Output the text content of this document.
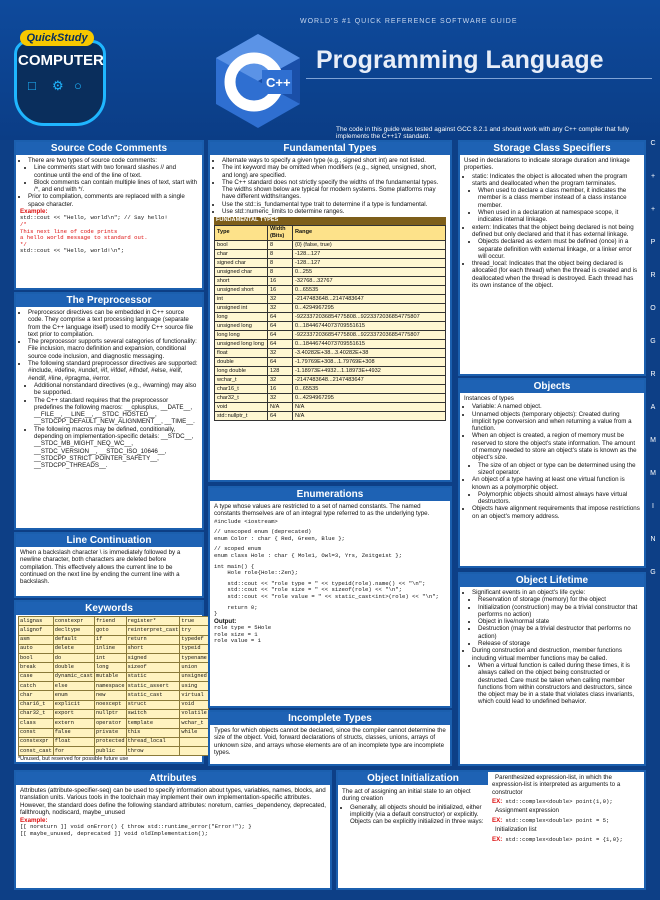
QuickStudy
COMPUTER
□ ⚙ ○
WORLD'S #1 QUICK REFERENCE SOFTWARE GUIDE
C++
Programming Language
The code in this guide was tested against GCC 8.2.1 and should work with any C++ compiler that fully implements the C++17 standard.
Source Code Comments
• There are two types of source code comments:
• Line comments start with two forward slashes // and continue until the end of the line of text.
• Block comments can contain multiple lines of text, start with /*, and end with */.
• Prior to compilation, comments are replaced with a single space character.
Example:
std::cout << "Hello, world\n"; // Say hello!
/*
This next line of code prints
a hello world message to standard out.
*/
std::cout << "Hello, world!\n";
The Preprocessor
• Preprocessor directives can be embedded in C++ source code. They comprise a text processing language (separate from the C++ language itself) used to modify C++ source file text prior to compilation.
• The preprocessor supports several categories of functionality: File inclusion, macro definition and expansion, conditional source code inclusion, and diagnostic messaging.
• The following standard preprocessor directives are supported: #include, #define, #undef, #if, #ifdef, #ifndef, #else, #elif, #endif, #line, #pragma, #error.
• Additional nonstandard directives (e.g., #warning) may also be supported.
• The C++ standard requires that the preprocessor predefines the following macros: __cplusplus, __DATE__, __FILE__, __LINE__, __STDC_HOSTED__, __STDCPP_DEFAULT_NEW_ALIGNMENT__, __TIME__.
• The following macros may be defined, conditionally, depending on implementation-specific details: __STDC__, __STDC_MB_MIGHT_NEQ_WC__, __STDC_VERSION__, __STDC_ISO_10646__, __STDCPP_STRICT_POINTER_SAFETY__, __STDCPP_THREADS__.
Line Continuation

When a backslash character \ is immediately followed by a newline character, both characters are deleted before compilation. This effectively allows the current line to be continued on the next line by ending the current line with a backslash.

Keywords
alignas	constexpr	friend	register*	true
alignof	decltype	goto	reinterpret_cast	try
asm	default	if	return	typedef
auto	delete	inline	short	typeid
bool	do	int	signed	typename
break	double	long	sizeof	union
case	dynamic_cast	mutable	static	unsigned
catch	else	namespace	static_assert	using
char	enum	new	static_cast	virtual
char16_t	explicit	noexcept	struct	void
char32_t	export	nullptr	switch	volatile
class	extern	operator	template	wchar_t
const	false	private	this	while
constexpr	float	protected	thread_local	
const_cast	for	public	throw	
*Unused, but reserved for possible future use
Fundamental Types
• Alternate ways to specify a given type (e.g., signed short int) are not listed.
• The int keyword may be omitted when modifiers (e.g., signed, unsigned, short, and long) are specified.
• The C++ standard does not strictly specify the widths of the fundamental types. The widths shown below are typical for modern systems. Some platforms may have different widths/ranges.
• Use the std::is_fundamental type trait to determine if a type is fundamental.
• Use std::numeric_limits to determine ranges.
FUNDAMENTAL TYPES
Type	Width (Bits)	Range
bool	8	{0} (false, true)
char	8	-128...127
signed char	8	-128...127
unsigned char	8	0...255
short	16	-32768...32767
unsigned short	16	0...65535
int	32	-2147483648...2147483647
unsigned int	32	0...4294967295
long	64	-9223372036854775808...9223372036854775807
unsigned long	64	0...18446744073709551615
long long	64	-9223372036854775808...9223372036854775807
unsigned long long	64	0...18446744073709551615
float	32	-3.40282E+38...3.40282E+38
double	64	-1.79769E+308...1.79769E+308
long double	128	-1.18973E+4932...1.18973E+4932
wchar_t	32	-2147483648...2147483647
char16_t	16	0...65535
char32_t	32	0...4294967295
void	N/A	N/A
std::nullptr_t	64	N/A
Enumerations

A type whose values are restricted to a set of named constants. The named constants themselves are of an integral type referred to as the underlying type.

#include <iostream>
// unscoped enum (deprecated)
enum Color : char { Red, Green, Blue };
// scoped enum
enum class Hole : char { Mole1, Owl=3, Yrs, Zeitgeist };
int main() {
Hole role{Hole::Zen};
std::cout << "role type = " << typeid(role).name() << "\n";
std::cout << "role size = " << sizeof(role) << "\n";
std::cout << "role value = " << static_cast<int>(role) << "\n";
return 0;
}
Output:
role type = 5Hole
role size = 1
role value = 1
Incomplete Types

Types for which objects cannot be declared, since the compiler cannot determine the size of the object. Void, forward declarations of structs, classes, unions, arrays of unknown size, and arrays whose elements are of an incomplete type are incomplete types.

Storage Class Specifiers

Used in declarations to indicate storage duration and linkage properties.

• static: Indicates the object is allocated when the program starts and deallocated when the program terminates.
• When used to declare a class member, it indicates the member is a class member instead of a class instance member.
• When used in a declaration at namespace scope, it indicates internal linkage.
• extern: Indicates that the object being declared is not being defined but only declared and that it has external linkage.
• Objects declared as extern must be defined (once) in a separate definition with external linkage, or a linker error will occur.
• thread_local: Indicates that the object being declared is allocated (for each thread) when the thread is created and is deallocated when the thread is destroyed. Each thread has its own instance of the object.
Objects

Instances of types

• Variable: A named object.
• Unnamed objects (temporary objects): Created during implicit type conversion and when returning a value from a function.
• When an object is created, a region of memory must be reserved to store the object's state information. The amount of memory needed to store an object's state is known as the object's size.
• The size of an object or type can be determined using the sizeof operator.
• An object of a type having at least one virtual function is known as a polymorphic object.
• Polymorphic objects should almost always have virtual destructors.
• Objects have alignment requirements that impose restrictions on an object's memory address.
Object Lifetime
• Significant events in an object's life cycle:
• Reservation of storage (memory) for the object
• Initialization (construction) may be a trivial constructor that performs no action)
• Object in live/normal state
• Destruction (may be a trivial destructor that performs no action)
• Release of storage
• During construction and destruction, member functions including virtual member functions may be called.
• When a virtual function is called during these times, it is always called on the object being constructed or destructed. Care must be taken when calling member functions from within constructors and destructors, since the object may be in a state that violates class invariants, which could lead to undefined behavior.
Attributes

Attributes (attribute-specifier-seq) can be used to specify information about types, variables, names, blocks, and translation units. Various tools in the toolchain may implement their own implementation-specific attributes. However, the standard does define the following standard attributes: noreturn, carries_dependency, deprecated, fallthrough, nodiscard, maybe_unused

Example:
[[ noreturn ]] void onError() { throw std::runtime_error("Error!"); }
[[ maybe_unused, deprecated ]] void oldImplementation();
Object Initialization

The act of assigning an initial state to an object during creation

• Generally, all objects should be initialized, either implicitly (via a default constructor) or explicitly. Objects can be explicitly initialized in three ways:
Parenthesized expression-list, in which the expression-list is interpreted as arguments to a constructor
EX: std::complex<double> point(1,0);
Assignment expression
EX: std::complex<double> point = 5;
Initialization list
EX: std::complex<double> point = {1,0};
C
+
+
P
R
O
G
R
A
M
M
I
N
G
